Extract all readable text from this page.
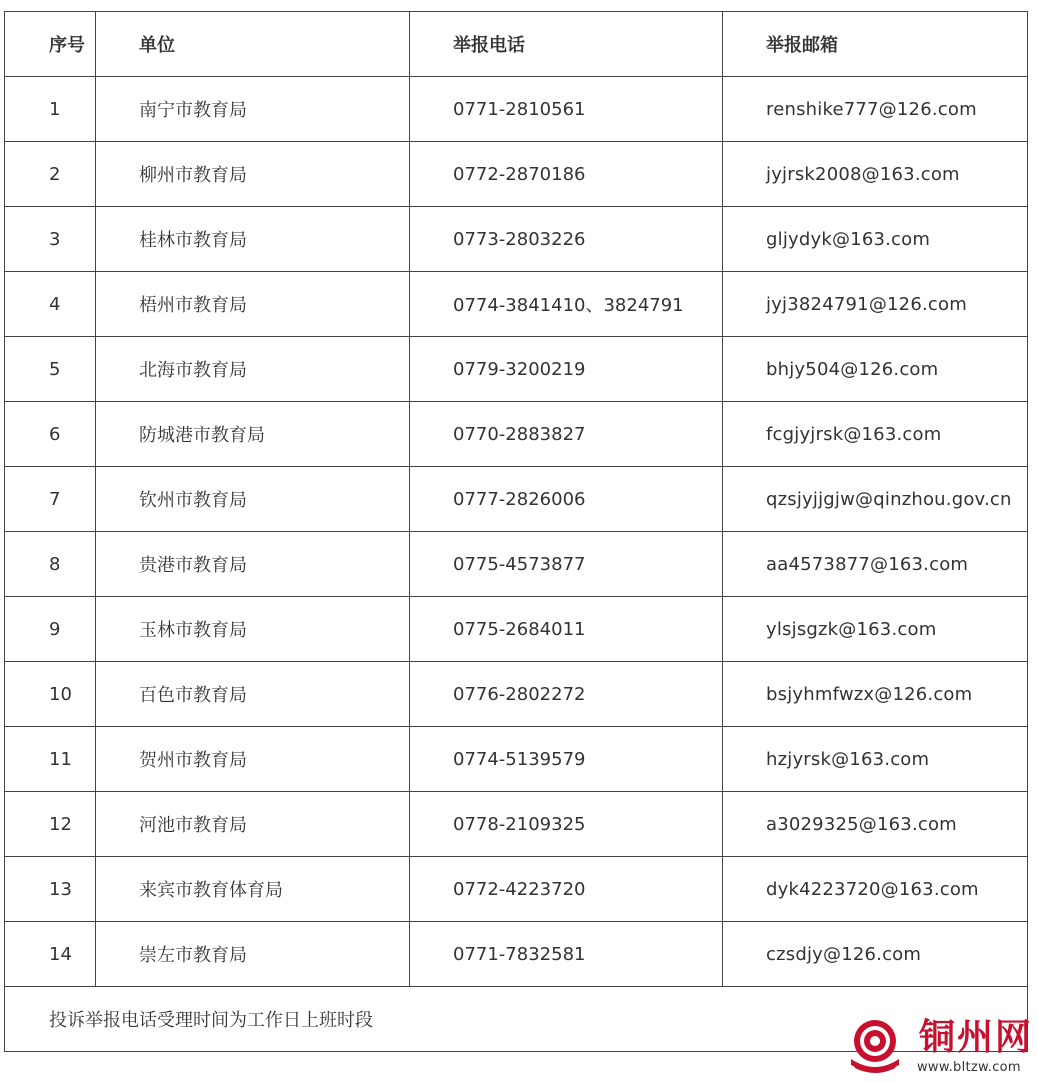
序号	单位	举报电话	举报邮箱
1	南宁市教育局	0771-2810561	renshike777@126.com
2	柳州市教育局	0772-2870186	jyjrsk2008@163.com
3	桂林市教育局	0773-2803226	gljydyk@163.com
4	梧州市教育局	0774-3841410、3824791	jyj3824791@126.com
5	北海市教育局	0779-3200219	bhjy504@126.com
6	防城港市教育局	0770-2883827	fcgjyjrsk@163.com
7	钦州市教育局	0777-2826006	qzsjyjjgjw@qinzhou.gov.cn
8	贵港市教育局	0775-4573877	aa4573877@163.com
9	玉林市教育局	0775-2684011	ylsjsgzk@163.com
10	百色市教育局	0776-2802272	bsjyhmfwzx@126.com
11	贺州市教育局	0774-5139579	hzjyrsk@163.com
12	河池市教育局	0778-2109325	a3029325@163.com
13	来宾市教育体育局	0772-4223720	dyk4223720@163.com
14	崇左市教育局	0771-7832581	czsdjy@126.com
投诉举报电话受理时间为工作日上班时段				铜州网
www.bltzw.com
